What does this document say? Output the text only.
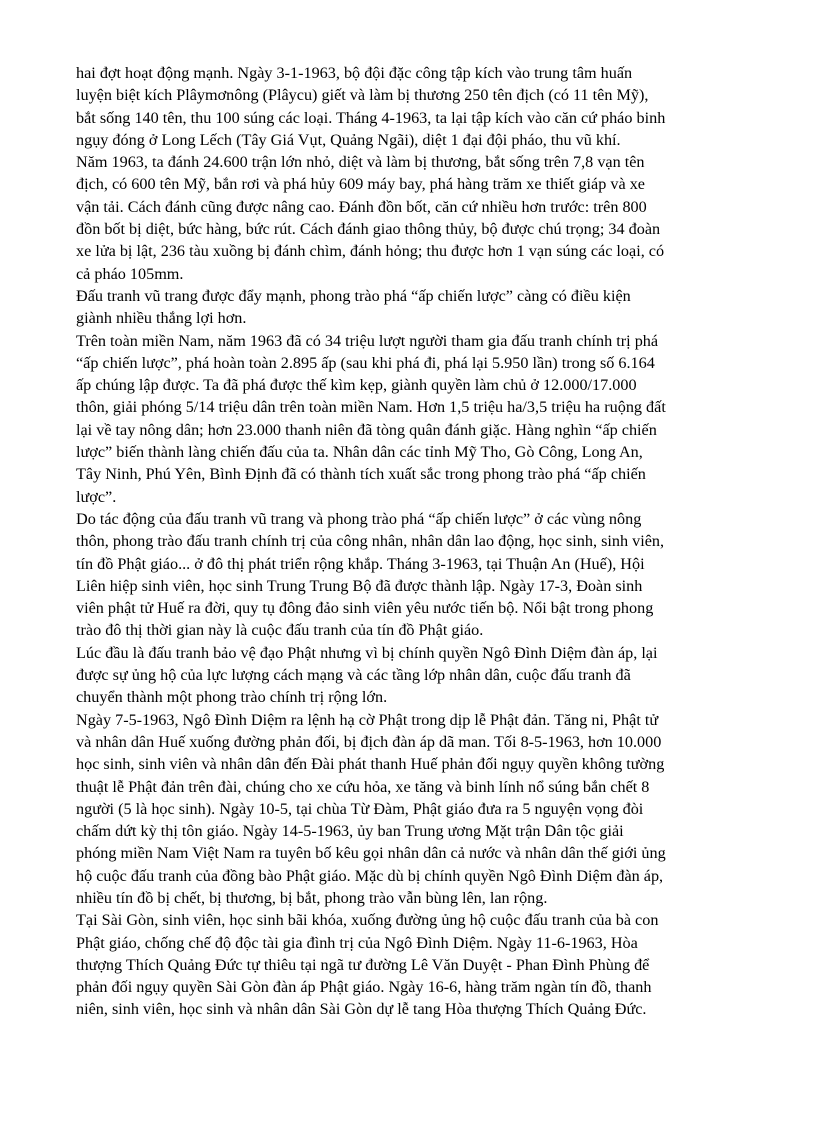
hai đợt hoạt động mạnh. Ngày 3-1-1963, bộ đội đặc công tập kích vào trung tâm huấn
luyện biệt kích Plâymơnông (Plâycu) giết và làm bị thương 250 tên địch (có 11 tên Mỹ),
bắt sống 140 tên, thu 100 súng các loại. Tháng 4-1963, ta lại tập kích vào căn cứ pháo binh
ngụy đóng ở Long Lếch (Tây Giá Vụt, Quảng Ngãi), diệt 1 đại đội pháo, thu vũ khí.

Năm 1963, ta đánh 24.600 trận lớn nhỏ, diệt và làm bị thương, bắt sống trên 7,8 vạn tên
địch, có 600 tên Mỹ, bắn rơi và phá hủy 609 máy bay, phá hàng trăm xe thiết giáp và xe
vận tải. Cách đánh cũng được nâng cao. Đánh đồn bốt, căn cứ nhiều hơn trước: trên 800
đồn bốt bị diệt, bức hàng, bức rút. Cách đánh giao thông thủy, bộ được chú trọng; 34 đoàn
xe lửa bị lật, 236 tàu xuồng bị đánh chìm, đánh hỏng; thu được hơn 1 vạn súng các loại, có
cả pháo 105mm.

Đấu tranh vũ trang được đẩy mạnh, phong trào phá “ấp chiến lược” càng có điều kiện
giành nhiều thắng lợi hơn.

Trên toàn miền Nam, năm 1963 đã có 34 triệu lượt người tham gia đấu tranh chính trị phá
“ấp chiến lược”, phá hoàn toàn 2.895 ấp (sau khi phá đi, phá lại 5.950 lần) trong số 6.164
ấp chúng lập được. Ta đã phá được thế kìm kẹp, giành quyền làm chủ ở 12.000/17.000
thôn, giải phóng 5/14 triệu dân trên toàn miền Nam. Hơn 1,5 triệu ha/3,5 triệu ha ruộng đất
lại về tay nông dân; hơn 23.000 thanh niên đã tòng quân đánh giặc. Hàng nghìn “ấp chiến
lược” biến thành làng chiến đấu của ta. Nhân dân các tỉnh Mỹ Tho, Gò Công, Long An,
Tây Ninh, Phú Yên, Bình Định đã có thành tích xuất sắc trong phong trào phá “ấp chiến
lược”.

Do tác động của đấu tranh vũ trang và phong trào phá “ấp chiến lược” ở các vùng nông
thôn, phong trào đấu tranh chính trị của công nhân, nhân dân lao động, học sinh, sinh viên,
tín đồ Phật giáo... ở đô thị phát triển rộng khắp. Tháng 3-1963, tại Thuận An (Huế), Hội
Liên hiệp sinh viên, học sinh Trung Trung Bộ đã được thành lập. Ngày 17-3, Đoàn sinh
viên phật tử Huế ra đời, quy tụ đông đảo sinh viên yêu nước tiến bộ. Nổi bật trong phong
trào đô thị thời gian này là cuộc đấu tranh của tín đồ Phật giáo.

Lúc đầu là đấu tranh bảo vệ đạo Phật nhưng vì bị chính quyền Ngô Đình Diệm đàn áp, lại
được sự ủng hộ của lực lượng cách mạng và các tầng lớp nhân dân, cuộc đấu tranh đã
chuyển thành một phong trào chính trị rộng lớn.

Ngày 7-5-1963, Ngô Đình Diệm ra lệnh hạ cờ Phật trong dịp lễ Phật đản. Tăng ni, Phật tử
và nhân dân Huế xuống đường phản đối, bị địch đàn áp dã man. Tối 8-5-1963, hơn 10.000
học sinh, sinh viên và nhân dân đến Đài phát thanh Huế phản đối ngụy quyền không tường
thuật lễ Phật đản trên đài, chúng cho xe cứu hỏa, xe tăng và binh lính nổ súng bắn chết 8
người (5 là học sinh). Ngày 10-5, tại chùa Từ Đàm, Phật giáo đưa ra 5 nguyện vọng đòi
chấm dứt kỳ thị tôn giáo. Ngày 14-5-1963, ủy ban Trung ương Mặt trận Dân tộc giải
phóng miền Nam Việt Nam ra tuyên bố kêu gọi nhân dân cả nước và nhân dân thế giới ủng
hộ cuộc đấu tranh của đồng bào Phật giáo. Mặc dù bị chính quyền Ngô Đình Diệm đàn áp,
nhiều tín đồ bị chết, bị thương, bị bắt, phong trào vẫn bùng lên, lan rộng.

Tại Sài Gòn, sinh viên, học sinh bãi khóa, xuống đường ủng hộ cuộc đấu tranh của bà con
Phật giáo, chống chế độ độc tài gia đình trị của Ngô Đình Diệm. Ngày 11-6-1963, Hòa
thượng Thích Quảng Đức tự thiêu tại ngã tư đường Lê Văn Duyệt - Phan Đình Phùng để
phản đối ngụy quyền Sài Gòn đàn áp Phật giáo. Ngày 16-6, hàng trăm ngàn tín đồ, thanh
niên, sinh viên, học sinh và nhân dân Sài Gòn dự lễ tang Hòa thượng Thích Quảng Đức.
